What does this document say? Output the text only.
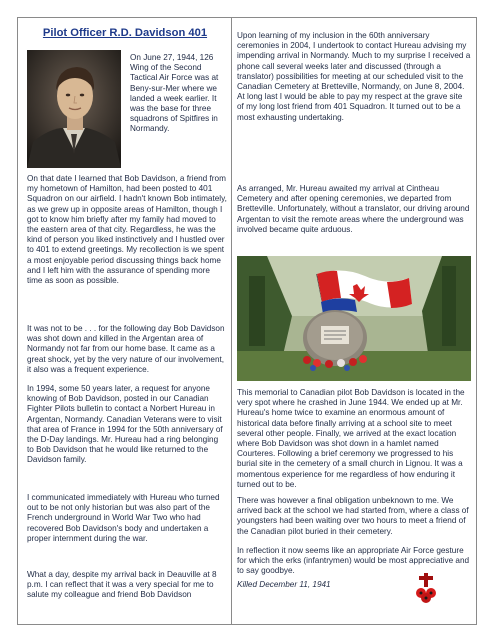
Pilot Officer R.D. Davidson 401

On June 27, 1944, 126 Wing of the Second Tactical Air Force was at Beny-sur-Mer where we landed a week earlier. It was the base for three squadrons of Spitfires in Normandy.

On that date I learned that Bob Davidson, a friend from my hometown of Hamilton, had been posted to 401 Squadron on our airfield. I hadn't known Bob intimately, as we grew up in opposite areas of Hamilton, though I got to know him briefly after my family had moved to the eastern area of that city. Regardless, he was the kind of person you liked instinctively and I hustled over to 401 to extend greetings. My recollection is we spent a most enjoyable period discussing things back home and I left him with the assurance of spending more time as soon as possible.

It was not to be . . . for the following day Bob Davidson was shot down and killed in the Argentan area of Normandy not far from our home base. It came as a great shock, yet by the very nature of our involvement, it also was a frequent experience.

In 1994, some 50 years later, a request for anyone knowing of Bob Davidson, posted in our Canadian Fighter Pilots bulletin to contact a Norbert Hureau in Argentan, Normandy. Canadian Veterans were to visit that area of France in 1994 for the 50th anniversary of the D-Day landings. Mr. Hureau had a ring belonging to Bob Davidson that he would like returned to the Davidson family.

I communicated immediately with Hureau who turned out to be not only historian but was also part of the French underground in World War Two who had recovered Bob Davidson's body and undertaken a proper internment during the war.

What a day, despite my arrival back in Deauville at 8 p.m. I can reflect that it was a very special for me to salute my colleague and friend Bob Davidson

Upon learning of my inclusion in the 60th anniversary ceremonies in 2004, I undertook to contact Hureau advising my impending arrival in Normandy. Much to my surprise I received a phone call several weeks later and discussed (through a translator) possibilities for meeting at our scheduled visit to the Canadian Cemetery at Bretteville, Normandy, on June 8, 2004. At long last I would be able to pay my respect at the grave site of my long lost friend from 401 Squadron. It turned out to be a most exhausting undertaking.

As arranged, Mr. Hureau awaited my arrival at Cintheau Cemetery and after opening ceremonies, we departed from Bretteville. Unfortunately, without a translator, our driving around Argentan to visit the remote areas where the underground was involved became quite arduous.

This memorial to Canadian pilot Bob Davidson is located in the very spot where he crashed in June 1944. We ended up at Mr. Hureau's home twice to examine an enormous amount of historical data before finally arriving at a school site to meet several other people. Finally, we arrived at the exact location where Bob Davidson was shot down in a hamlet named Courteres. Following a brief ceremony we progressed to his burial site in the cemetery of a small church in Lignou. It was a momentous experience for me regardless of how enduring it turned out to be.

There was however a final obligation unbeknown to me. We arrived back at the school we had started from, where a class of youngsters had been waiting over two hours to meet a friend of the Canadian pilot buried in their cemetery.

In reflection it now seems like an appropriate Air Force gesture for which the erks (infantrymen) would be most appreciative and to say goodbye.

Killed December 11, 1941
